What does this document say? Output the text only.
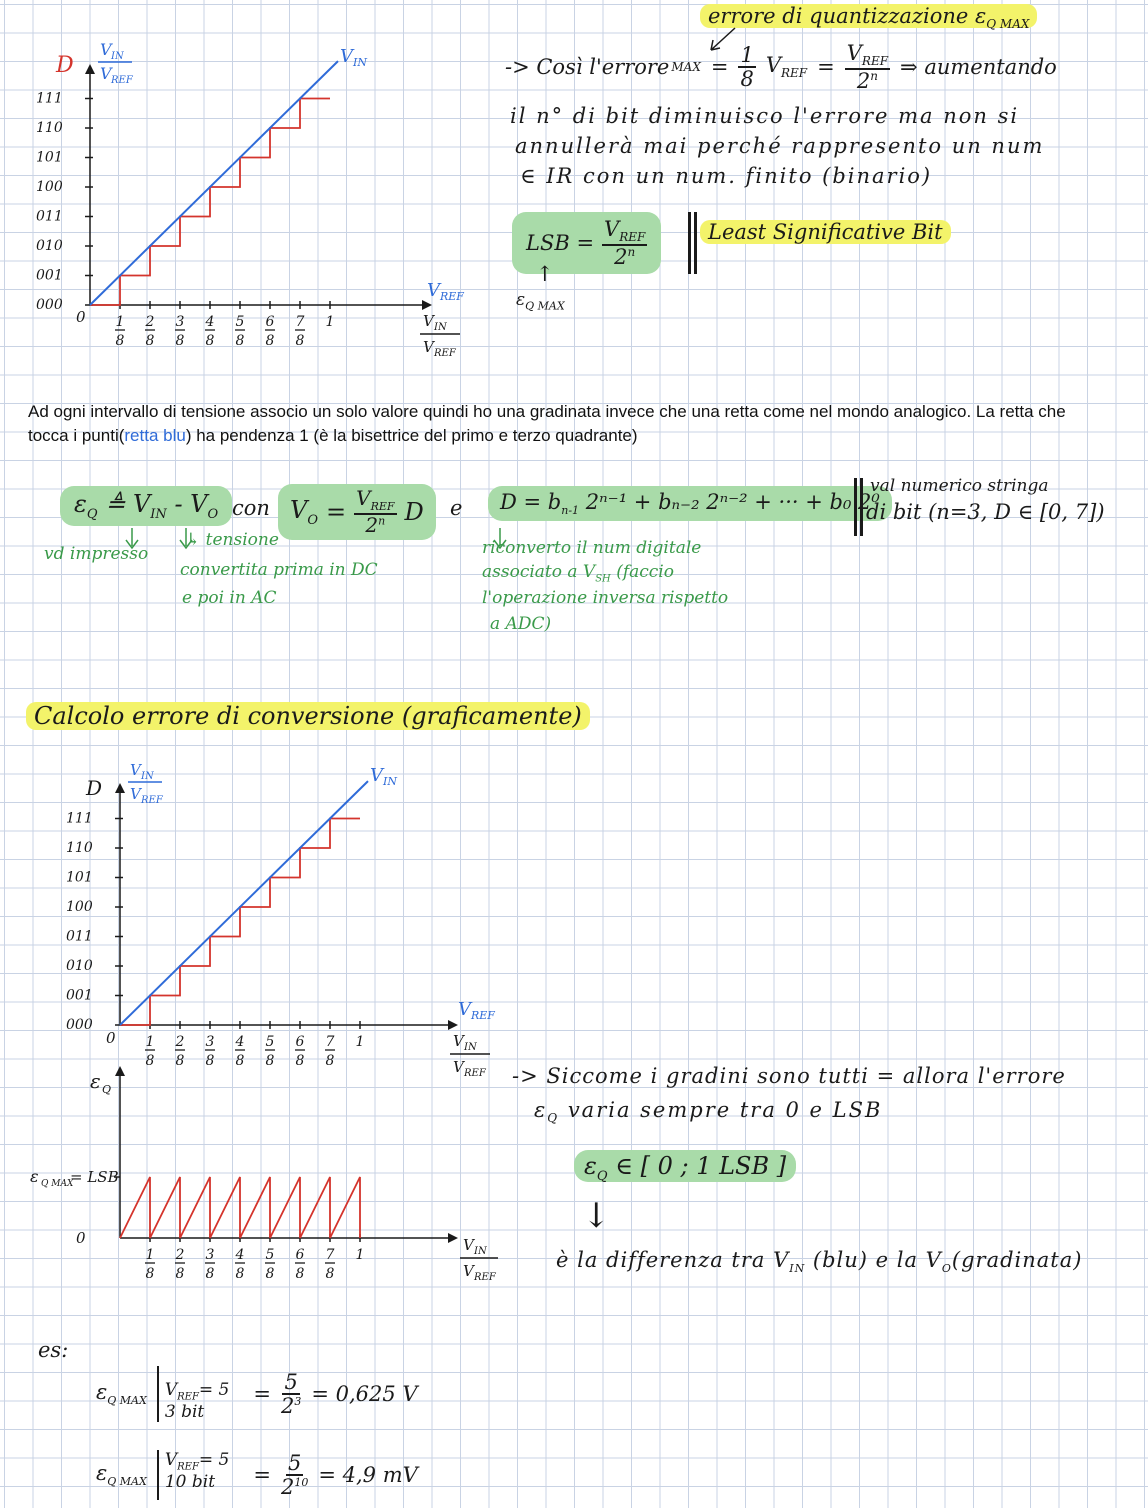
D
V IN
V REF
V IN
000
001
010
011
100
101
110
111
V REF
0 1
8
2
8
3
8
4
8
5
8
6
8
7
8
1	V IN
V REF
errore di quantizzazione $\varepsilon_{Q MAX}$
-> Così l'errore MAX = $\frac{1}{8} V_{REF} = \frac{V_{REF}}{2^n}$ ⇒ aumentando
il n° di bit diminuisco l'errore ma non si
annullerà mai perché rappresento un num
∈ IR con un num. finito (binario)
LSB = $\frac{V_{REF}}{2^n}$
↑
$\varepsilon_{Q MAX}$
Least Significative Bit
Ad ogni intervallo di tensione associo un solo valore quindi ho una gradinata invece che una retta come nel mondo analogico. La retta che tocca i punti(retta blu) ha pendenza 1 (è la bisettrice del primo e terzo quadrante)
$\varepsilon_Q$ ≜ $V_{IN} - V_O$ con $V_O = \frac{V_{REF}}{2^n}$ D e	$D = b_{n-1}$ 2ⁿ⁻¹ + bₙ₋₂ 2ⁿ⁻² + ··· + b₀ 2⁰
val numerico stringa
di bit (n=3, D ∈ [0, 7])
vd impresso
↳ tensione
convertita prima in DC
e poi in AC
riconverto il num digitale
associato a $V_{SH}$ (faccio
l'operazione inversa rispetto
a ADC)
Calcolo errore di conversione (graficamente)
D
V IN
V REF
V IN
000
001
010
011
100
101
110
111
V REF
0 1
8
2
8
3
8
4
8
5
8
6
8
7
8
1	V IN
V REF
ε Q
ε Q MAX
= LSB
0
1
8
2
8
3
8
4
8
5
8
6
8
7
8
1
V IN
V REF
-> Siccome i gradini sono tutti = allora l'errore
$\varepsilon_Q$ varia sempre tra 0 e LSB
$\varepsilon_Q$ ∈ [ 0 ; 1 LSB ]
↓
è la differenza tra $V_{IN}$ (blu) e la $V_O(gradinata)$
es:
$\varepsilon_{Q MAX}$
$V_{REF}= 5$
3 bit
= $\frac{5}{2^3} = 0,625$ V
$\varepsilon_{Q MAX}$
$V_{REF}= 5$
10 bit	= $\frac{5}{2^{10}} = 4,9$ mV
